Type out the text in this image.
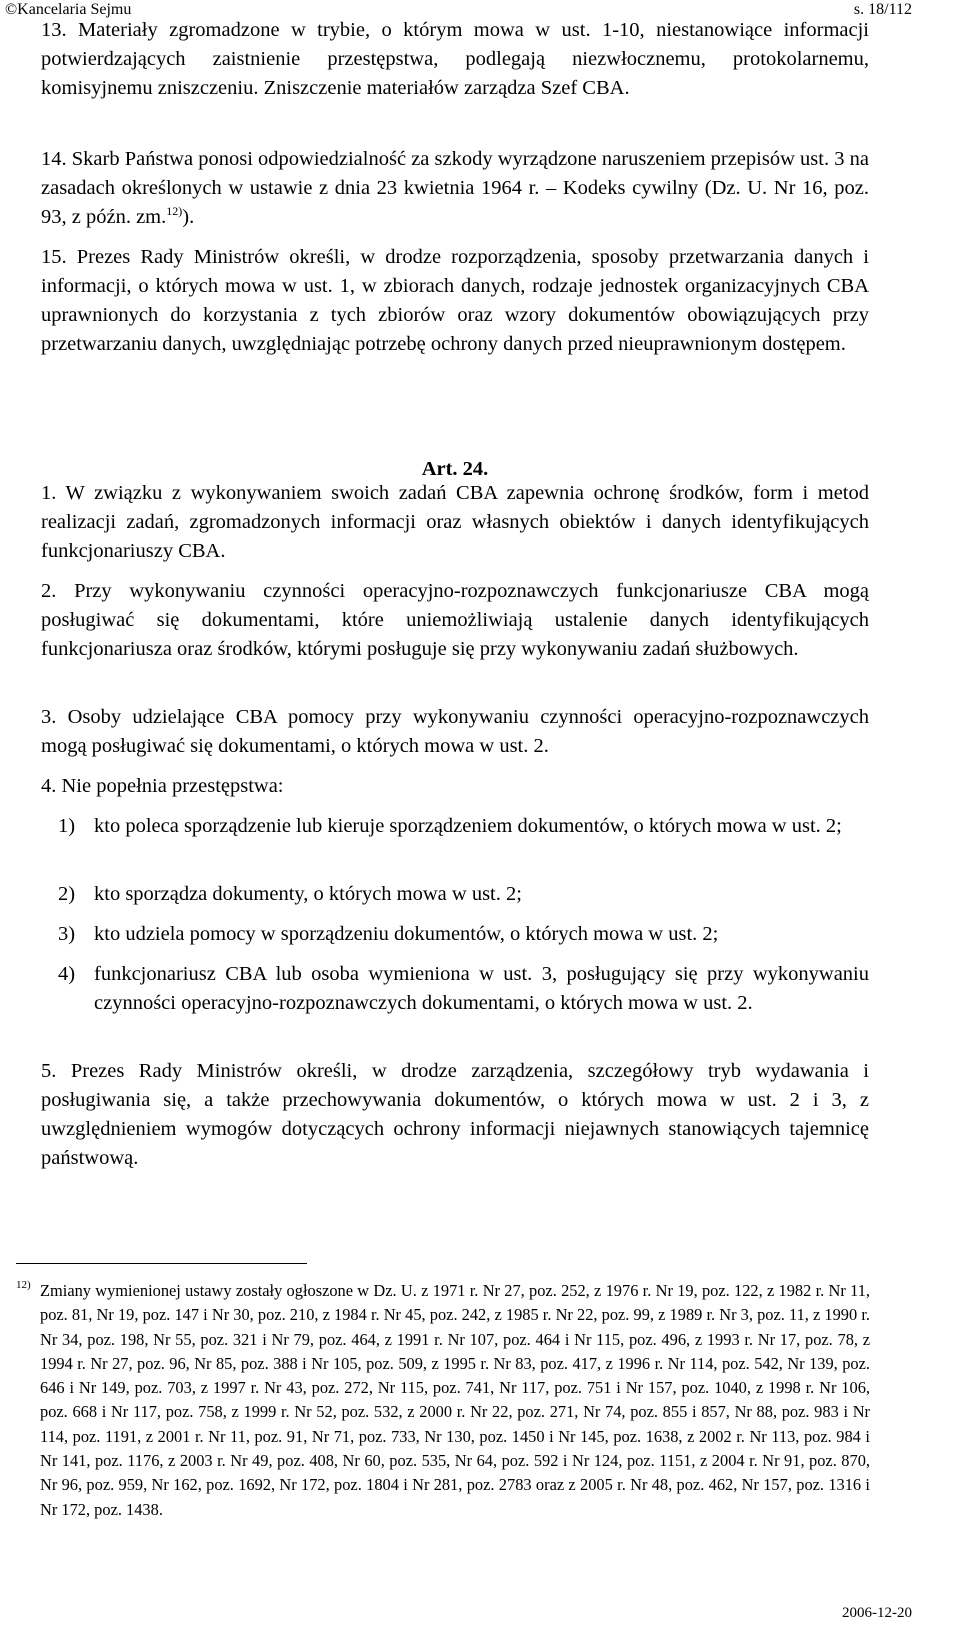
©Kancelaria Sejmu	s. 18/112
13. Materiały zgromadzone w trybie, o którym mowa w ust. 1-10, niestanowiące informacji potwierdzających zaistnienie przestępstwa, podlegają niezwłocznemu, protokolarnemu, komisyjnemu zniszczeniu. Zniszczenie materiałów zarządza Szef CBA.
14. Skarb Państwa ponosi odpowiedzialność za szkody wyrządzone naruszeniem przepisów ust. 3 na zasadach określonych w ustawie z dnia 23 kwietnia 1964 r. – Kodeks cywilny (Dz. U. Nr 16, poz. 93, z późn. zm.$^{12)}$).
15. Prezes Rady Ministrów określi, w drodze rozporządzenia, sposoby przetwarzania danych i informacji, o których mowa w ust. 1, w zbiorach danych, rodzaje jednostek organizacyjnych CBA uprawnionych do korzystania z tych zbiorów oraz wzory dokumentów obowiązujących przy przetwarzaniu danych, uwzględniając potrzebę ochrony danych przed nieuprawnionym dostępem.
Art. 24.
1. W związku z wykonywaniem swoich zadań CBA zapewnia ochronę środków, form i metod realizacji zadań, zgromadzonych informacji oraz własnych obiektów i danych identyfikujących funkcjonariuszy CBA.
2. Przy wykonywaniu czynności operacyjno-rozpoznawczych funkcjonariusze CBA mogą posługiwać się dokumentami, które uniemożliwiają ustalenie danych identyfikujących funkcjonariusza oraz środków, którymi posługuje się przy wykonywaniu zadań służbowych.
3. Osoby udzielające CBA pomocy przy wykonywaniu czynności operacyjno-rozpoznawczych mogą posługiwać się dokumentami, o których mowa w ust. 2.
4. Nie popełnia przestępstwa:
1) kto poleca sporządzenie lub kieruje sporządzeniem dokumentów, o których mowa w ust. 2;
2) kto sporządza dokumenty, o których mowa w ust. 2;
3) kto udziela pomocy w sporządzeniu dokumentów, o których mowa w ust. 2;
4) funkcjonariusz CBA lub osoba wymieniona w ust. 3, posługujący się przy wykonywaniu czynności operacyjno-rozpoznawczych dokumentami, o których mowa w ust. 2.
5. Prezes Rady Ministrów określi, w drodze zarządzenia, szczegółowy tryb wydawania i posługiwania się, a także przechowywania dokumentów, o których mowa w ust. 2 i 3, z uwzględnieniem wymogów dotyczących ochrony informacji niejawnych stanowiących tajemnicę państwową.
12) Zmiany wymienionej ustawy zostały ogłoszone w Dz. U. z 1971 r. Nr 27, poz. 252, z 1976 r. Nr 19, poz. 122, z 1982 r. Nr 11, poz. 81, Nr 19, poz. 147 i Nr 30, poz. 210, z 1984 r. Nr 45, poz. 242, z 1985 r. Nr 22, poz. 99, z 1989 r. Nr 3, poz. 11, z 1990 r. Nr 34, poz. 198, Nr 55, poz. 321 i Nr 79, poz. 464, z 1991 r. Nr 107, poz. 464 i Nr 115, poz. 496, z 1993 r. Nr 17, poz. 78, z 1994 r. Nr 27, poz. 96, Nr 85, poz. 388 i Nr 105, poz. 509, z 1995 r. Nr 83, poz. 417, z 1996 r. Nr 114, poz. 542, Nr 139, poz. 646 i Nr 149, poz. 703, z 1997 r. Nr 43, poz. 272, Nr 115, poz. 741, Nr 117, poz. 751 i Nr 157, poz. 1040, z 1998 r. Nr 106, poz. 668 i Nr 117, poz. 758, z 1999 r. Nr 52, poz. 532, z 2000 r. Nr 22, poz. 271, Nr 74, poz. 855 i 857, Nr 88, poz. 983 i Nr 114, poz. 1191, z 2001 r. Nr 11, poz. 91, Nr 71, poz. 733, Nr 130, poz. 1450 i Nr 145, poz. 1638, z 2002 r. Nr 113, poz. 984 i Nr 141, poz. 1176, z 2003 r. Nr 49, poz. 408, Nr 60, poz. 535, Nr 64, poz. 592 i Nr 124, poz. 1151, z 2004 r. Nr 91, poz. 870, Nr 96, poz. 959, Nr 162, poz. 1692, Nr 172, poz. 1804 i Nr 281, poz. 2783 oraz z 2005 r. Nr 48, poz. 462, Nr 157, poz. 1316 i Nr 172, poz. 1438.
2006-12-20
